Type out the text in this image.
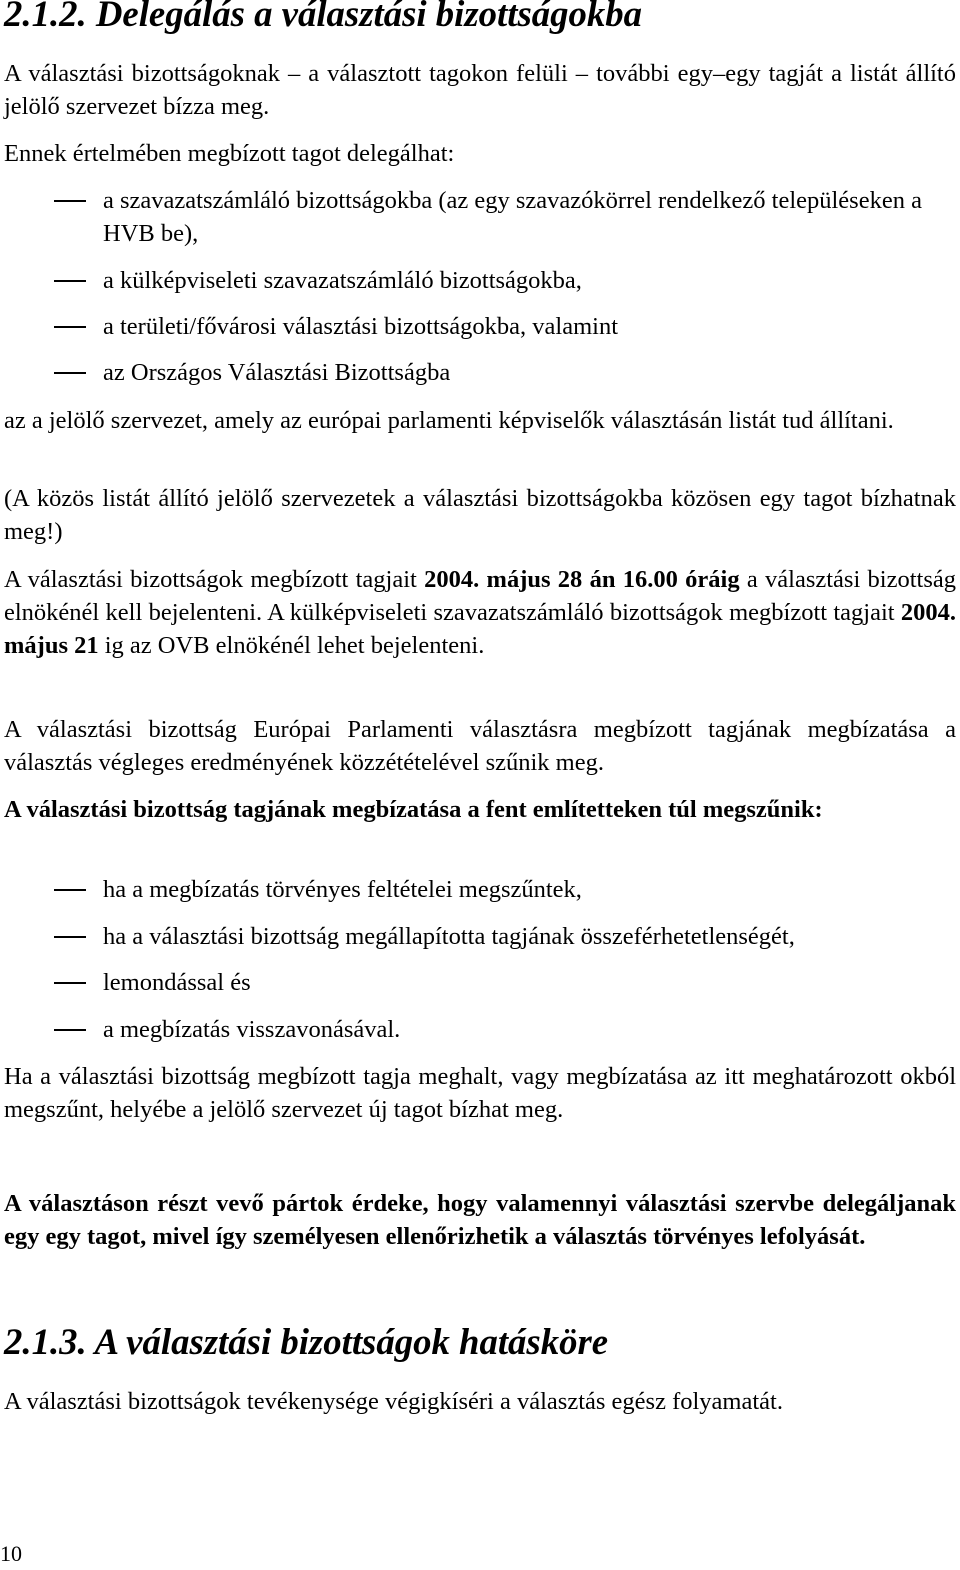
2.1.2. Delegálás a választási bizottságokba

A választási bizottságoknak – a választott tagokon felüli – további egy–egy tagját a listát állító jelölő szervezet bízza meg.

Ennek értelmében megbízott tagot delegálhat:

a szavazatszámláló bizottságokba (az egy szavazókörrel rendelkező településeken a HVB be),
a külképviseleti szavazatszámláló bizottságokba,
a területi/fővárosi választási bizottságokba, valamint
az Országos Választási Bizottságba

az a jelölő szervezet, amely az európai parlamenti képviselők választásán listát tud állítani.

(A közös listát állító jelölő szervezetek a választási bizottságokba közösen egy tagot bízhatnak meg!)

A választási bizottságok megbízott tagjait 2004. május 28 án 16.00 óráig a választási bizottság elnökénél kell bejelenteni. A külképviseleti szavazatszámláló bizottságok megbízott tagjait 2004. május 21 ig az OVB elnökénél lehet bejelenteni.

A választási bizottság Európai Parlamenti választásra megbízott tagjának megbízatása a választás végleges eredményének közzétételével szűnik meg.

A választási bizottság tagjának megbízatása a fent említetteken túl megszűnik:

ha a megbízatás törvényes feltételei megszűntek,
ha a választási bizottság megállapította tagjának összeférhetetlenségét,
lemondással és
a megbízatás visszavonásával.

Ha a választási bizottság megbízott tagja meghalt, vagy megbízatása az itt meghatározott okból megszűnt, helyébe a jelölő szervezet új tagot bízhat meg.

A választáson részt vevő pártok érdeke, hogy valamennyi választási szervbe delegáljanak egy egy tagot, mivel így személyesen ellenőrizhetik a választás törvényes lefolyását.

2.1.3. A választási bizottságok hatásköre

A választási bizottságok tevékenysége végigkíséri a választás egész folyamatát.

10
